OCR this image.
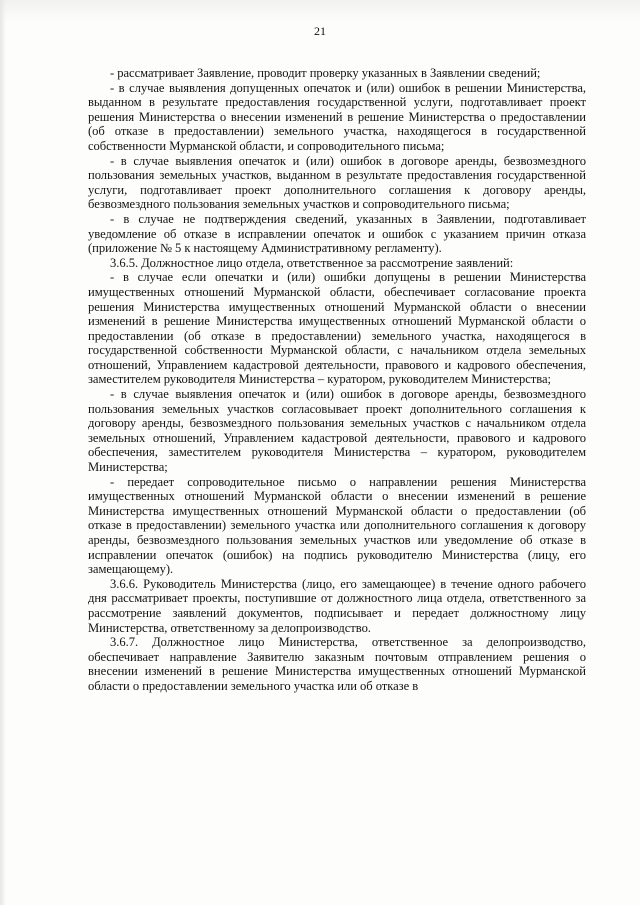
21

- рассматривает Заявление, проводит проверку указанных в Заявлении сведений;

- в случае выявления допущенных опечаток и (или) ошибок в решении Министерства, выданном в результате предоставления государственной услуги, подготавливает проект решения Министерства о внесении изменений в решение Министерства о предоставлении (об отказе в предоставлении) земельного участка, находящегося в государственной собственности Мурманской области, и сопроводительного письма;

- в случае выявления опечаток и (или) ошибок в договоре аренды, безвозмездного пользования земельных участков, выданном в результате предоставления государственной услуги, подготавливает проект дополнительного соглашения к договору аренды, безвозмездного пользования земельных участков и сопроводительного письма;

- в случае не подтверждения сведений, указанных в Заявлении, подготавливает уведомление об отказе в исправлении опечаток и ошибок с указанием причин отказа (приложение № 5 к настоящему Административному регламенту).

3.6.5. Должностное лицо отдела, ответственное за рассмотрение заявлений:

- в случае если опечатки и (или) ошибки допущены в решении Министерства имущественных отношений Мурманской области, обеспечивает согласование проекта решения Министерства имущественных отношений Мурманской области о внесении изменений в решение Министерства имущественных отношений Мурманской области о предоставлении (об отказе в предоставлении) земельного участка, находящегося в государственной собственности Мурманской области, с начальником отдела земельных отношений, Управлением кадастровой деятельности, правового и кадрового обеспечения, заместителем руководителя Министерства – куратором, руководителем Министерства;

- в случае выявления опечаток и (или) ошибок в договоре аренды, безвозмездного пользования земельных участков согласовывает проект дополнительного соглашения к договору аренды, безвозмездного пользования земельных участков с начальником отдела земельных отношений, Управлением кадастровой деятельности, правового и кадрового обеспечения, заместителем руководителя Министерства – куратором, руководителем Министерства;

- передает сопроводительное письмо о направлении решения Министерства имущественных отношений Мурманской области о внесении изменений в решение Министерства имущественных отношений Мурманской области о предоставлении (об отказе в предоставлении) земельного участка или дополнительного соглашения к договору аренды, безвозмездного пользования земельных участков или уведомление об отказе в исправлении опечаток (ошибок) на подпись руководителю Министерства (лицу, его замещающему).

3.6.6. Руководитель Министерства (лицо, его замещающее) в течение одного рабочего дня рассматривает проекты, поступившие от должностного лица отдела, ответственного за рассмотрение заявлений документов, подписывает и передает должностному лицу Министерства, ответственному за делопроизводство.

3.6.7. Должностное лицо Министерства, ответственное за делопроизводство, обеспечивает направление Заявителю заказным почтовым отправлением решения о внесении изменений в решение Министерства имущественных отношений Мурманской области о предоставлении земельного участка или об отказе в
